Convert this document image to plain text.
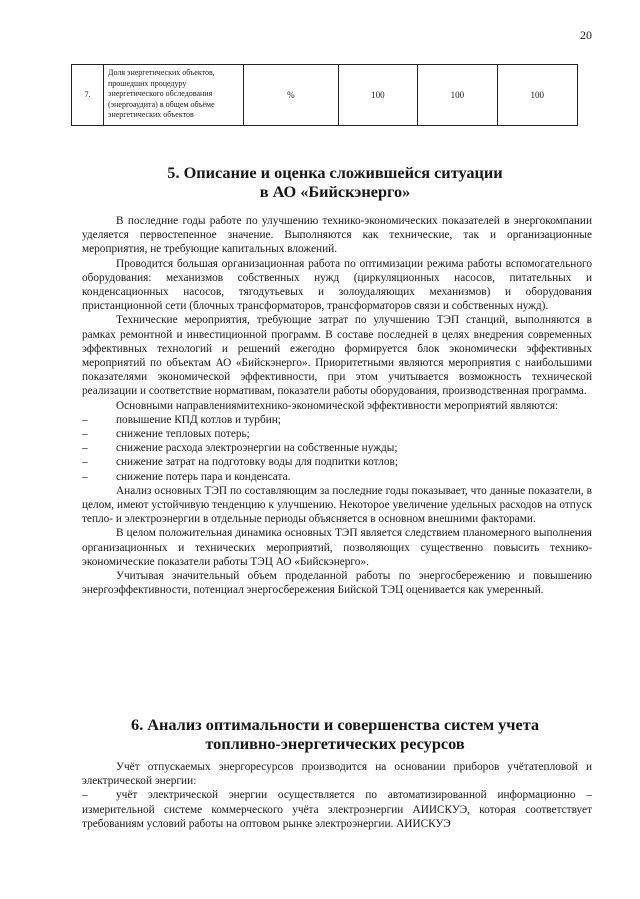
20
7.	
Доля энергетических объектов,
прошедших процедуру
энергетического обследования
(энергоаудита) в общем объёме
энергетических объектов
	%	100	100	100
5. Описание и оценка сложившейся ситуации
в АО «Бийскэнерго»

В последние годы работе по улучшению технико-экономических показателей в энергокомпании уделяется первостепенное значение. Выполняются как технические, так и организационные мероприятия, не требующие капитальных вложений.

Проводится большая организационная работа по оптимизации режима работы вспомогательного оборудования: механизмов собственных нужд (циркуляционных насосов, питательных и конденсационных насосов, тягодутьевых и золоудаляющих механизмов) и оборудования пристанционной сети (блочных трансформаторов, трансформаторов связи и собственных нужд).

Технические мероприятия, требующие затрат по улучшению ТЭП станций, выполняются в рамках ремонтной и инвестиционной программ. В составе последней в целях внедрения современных эффективных технологий и решений ежегодно формируется блок экономически эффективных мероприятий по объектам АО «Бийскэнерго». Приоритетными являются мероприятия с наибольшими показателями экономической эффективности, при этом учитывается возможность технической реализации и соответствие нормативам, показатели работы оборудования, производственная программа.

Основными направлениямитехнико-экономической эффективности мероприятий являются:

– повышение КПД котлов и турбин;
– снижение тепловых потерь;
– снижение расхода электроэнергии на собственные нужды;
– снижение затрат на подготовку воды для подпитки котлов;
– снижение потерь пара и конденсата.

Анализ основных ТЭП по составляющим за последние годы показывает, что данные показатели, в целом, имеют устойчивую тенденцию к улучшению. Некоторое увеличение удельных расходов на отпуск тепло- и электроэнергии в отдельные периоды объясняется в основном внешними факторами.

В целом положительная динамика основных ТЭП является следствием планомерного выполнения организационных и технических мероприятий, позволяющих существенно повысить технико-экономические показатели работы ТЭЦ АО «Бийскэнерго».

Учитывая значительный объем проделанной работы по энергосбережению и повышению энергоэффективности, потенциал энергосбережения Бийской ТЭЦ оценивается как умеренный.

6. Анализ оптимальности и совершенства систем учета
топливно-энергетических ресурсов

Учёт отпускаемых энергоресурсов производится на основании приборов учётатепловой и электрической энергии:

– учёт электрической энергии осуществляется по автоматизированной информационно – измерительной системе коммерческого учёта электроэнергии АИИСКУЭ, которая соответствует требованиям условий работы на оптовом рынке электроэнергии. АИИСКУЭ
